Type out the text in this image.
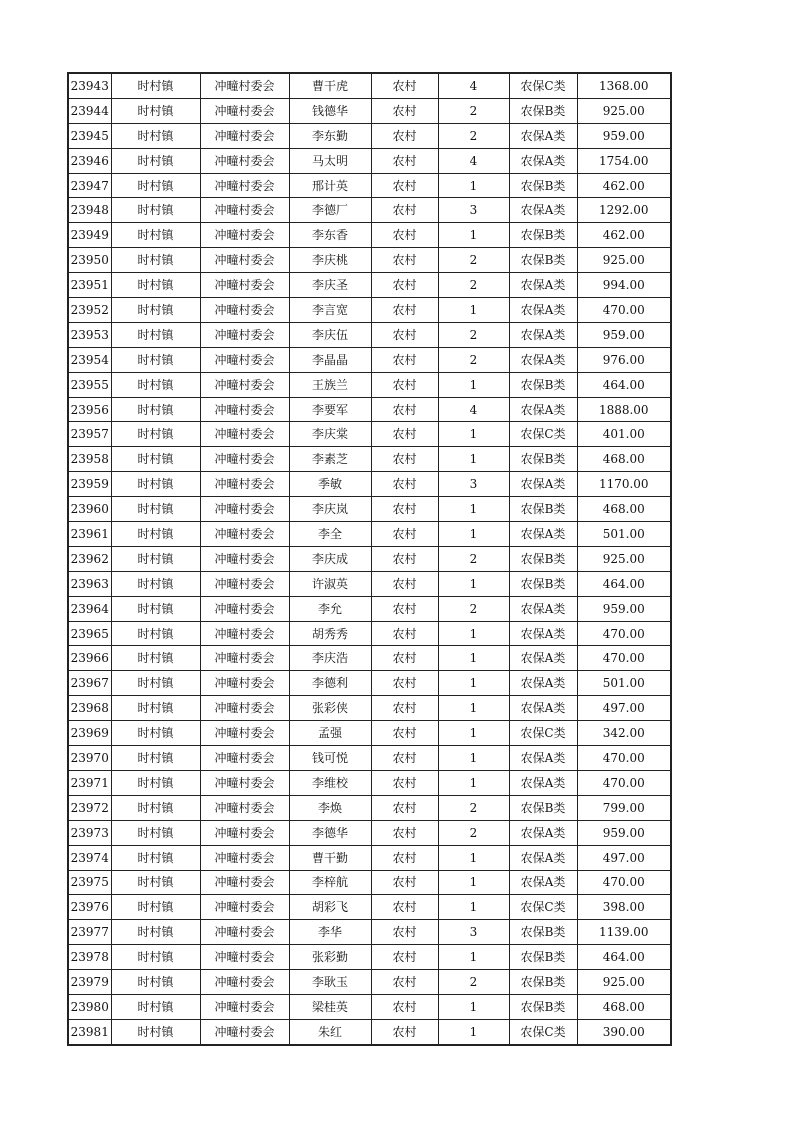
23943	时村镇	冲疃村委会	曹干虎	农村	4	农保C类	1368.00
23944	时村镇	冲疃村委会	钱德华	农村	2	农保B类	925.00
23945	时村镇	冲疃村委会	李东勤	农村	2	农保A类	959.00
23946	时村镇	冲疃村委会	马太明	农村	4	农保A类	1754.00
23947	时村镇	冲疃村委会	邢计英	农村	1	农保B类	462.00
23948	时村镇	冲疃村委会	李德厂	农村	3	农保A类	1292.00
23949	时村镇	冲疃村委会	李东香	农村	1	农保B类	462.00
23950	时村镇	冲疃村委会	李庆桃	农村	2	农保B类	925.00
23951	时村镇	冲疃村委会	李庆圣	农村	2	农保A类	994.00
23952	时村镇	冲疃村委会	李言宽	农村	1	农保A类	470.00
23953	时村镇	冲疃村委会	李庆伍	农村	2	农保A类	959.00
23954	时村镇	冲疃村委会	李晶晶	农村	2	农保A类	976.00
23955	时村镇	冲疃村委会	王族兰	农村	1	农保B类	464.00
23956	时村镇	冲疃村委会	李要军	农村	4	农保A类	1888.00
23957	时村镇	冲疃村委会	李庆棠	农村	1	农保C类	401.00
23958	时村镇	冲疃村委会	李素芝	农村	1	农保B类	468.00
23959	时村镇	冲疃村委会	季敏	农村	3	农保A类	1170.00
23960	时村镇	冲疃村委会	李庆岚	农村	1	农保B类	468.00
23961	时村镇	冲疃村委会	李全	农村	1	农保A类	501.00
23962	时村镇	冲疃村委会	李庆成	农村	2	农保B类	925.00
23963	时村镇	冲疃村委会	许淑英	农村	1	农保B类	464.00
23964	时村镇	冲疃村委会	李允	农村	2	农保A类	959.00
23965	时村镇	冲疃村委会	胡秀秀	农村	1	农保A类	470.00
23966	时村镇	冲疃村委会	李庆浩	农村	1	农保A类	470.00
23967	时村镇	冲疃村委会	李德利	农村	1	农保A类	501.00
23968	时村镇	冲疃村委会	张彩侠	农村	1	农保A类	497.00
23969	时村镇	冲疃村委会	孟强	农村	1	农保C类	342.00
23970	时村镇	冲疃村委会	钱可悦	农村	1	农保A类	470.00
23971	时村镇	冲疃村委会	李维校	农村	1	农保A类	470.00
23972	时村镇	冲疃村委会	李焕	农村	2	农保B类	799.00
23973	时村镇	冲疃村委会	李德华	农村	2	农保A类	959.00
23974	时村镇	冲疃村委会	曹干勤	农村	1	农保A类	497.00
23975	时村镇	冲疃村委会	李梓航	农村	1	农保A类	470.00
23976	时村镇	冲疃村委会	胡彩飞	农村	1	农保C类	398.00
23977	时村镇	冲疃村委会	李华	农村	3	农保B类	1139.00
23978	时村镇	冲疃村委会	张彩勤	农村	1	农保B类	464.00
23979	时村镇	冲疃村委会	李耿玉	农村	2	农保B类	925.00
23980	时村镇	冲疃村委会	梁桂英	农村	1	农保B类	468.00
23981	时村镇	冲疃村委会	朱红	农村	1	农保C类	390.00
